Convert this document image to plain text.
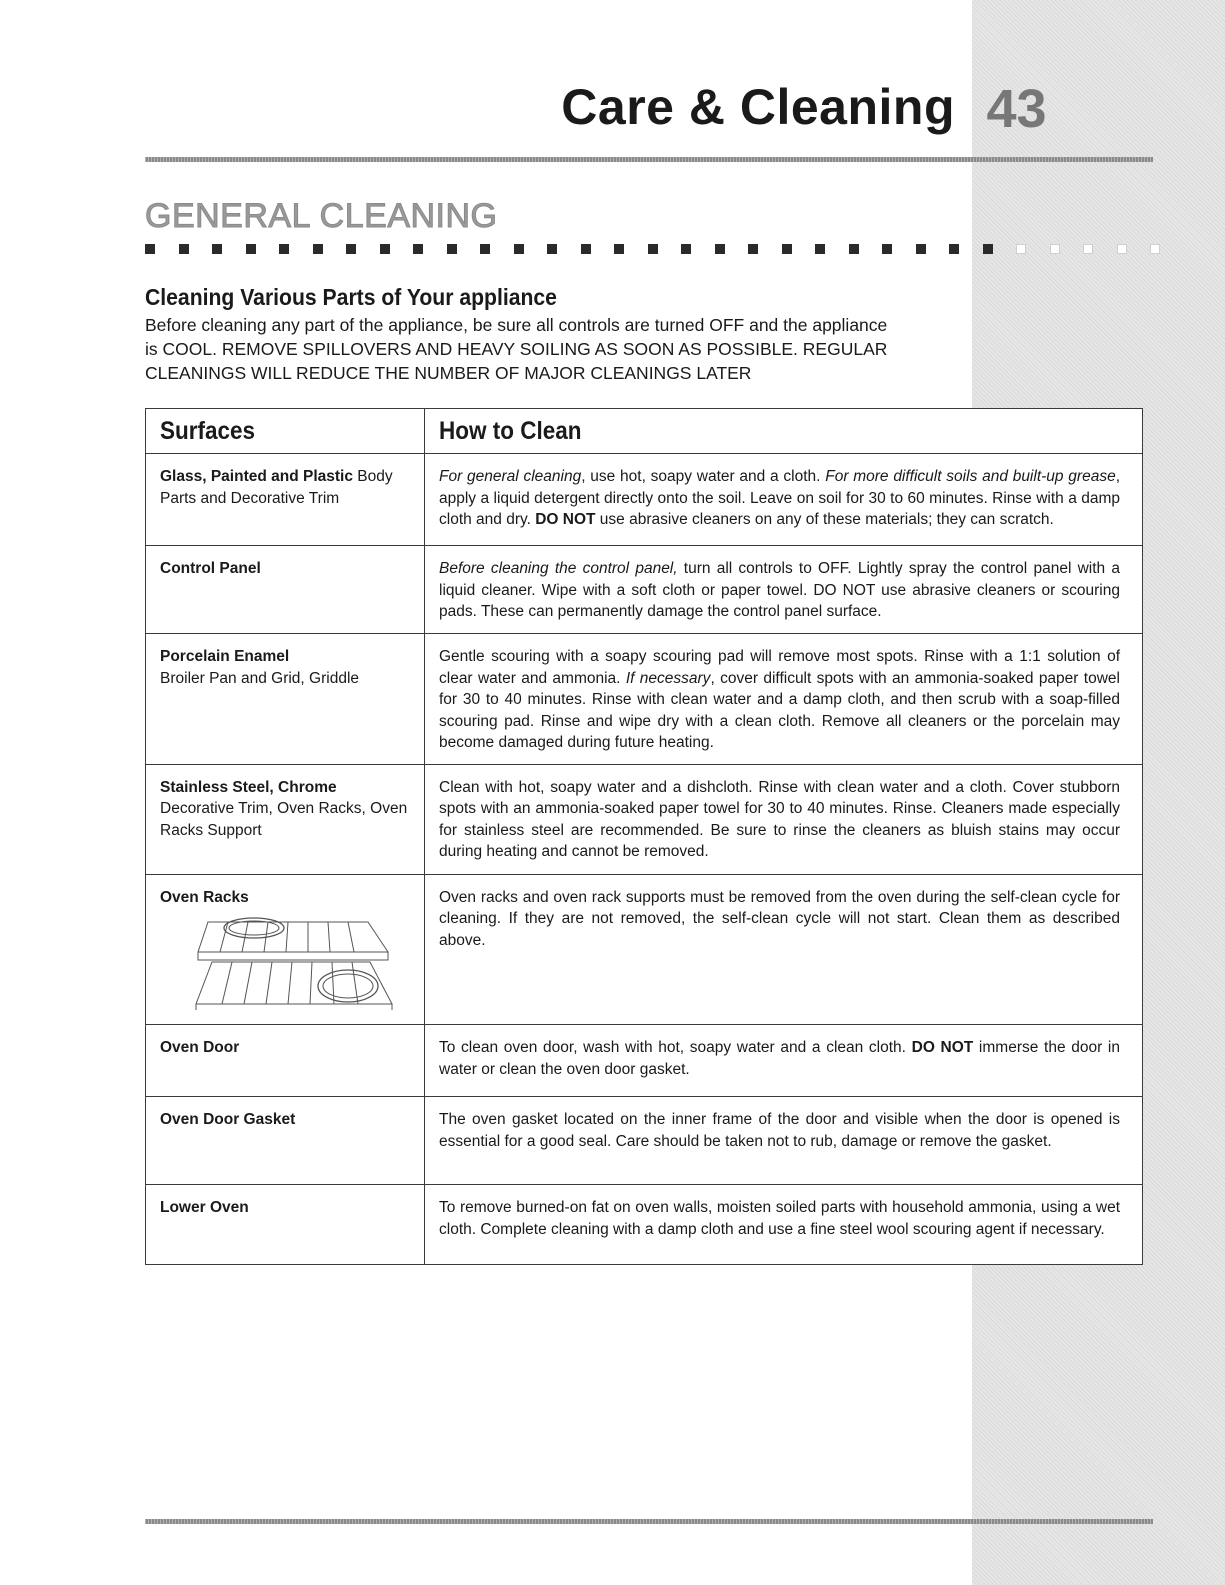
Care & Cleaning 43
GENERAL CLEANING
Cleaning Various Parts of Your appliance

Before cleaning any part of the appliance, be sure all controls are turned OFF and the appliance

is COOL. REMOVE SPILLOVERS AND HEAVY SOILING AS SOON AS POSSIBLE. REGULAR

CLEANINGS WILL REDUCE THE NUMBER OF MAJOR CLEANINGS LATER

Surfaces	How to Clean
Glass, Painted and Plastic Body Parts and Decorative Trim	For general cleaning, use hot, soapy water and a cloth. For more difficult soils and built-up grease, apply a liquid detergent directly onto the soil. Leave on soil for 30 to 60 minutes. Rinse with a damp cloth and dry. DO NOT use abrasive cleaners on any of these materials; they can scratch.

Control Panel	Before cleaning the control panel, turn all controls to OFF. Lightly spray the control panel with a liquid cleaner. Wipe with a soft cloth or paper towel. DO NOT use abrasive cleaners or scouring pads. These can permanently damage the control panel surface.

Porcelain Enamel
Broiler Pan and Grid, Griddle	Gentle scouring with a soapy scouring pad will remove most spots. Rinse with a 1:1 solution of clear water and ammonia. If necessary, cover difficult spots with an ammonia-soaked paper towel for 30 to 40 minutes. Rinse with clean water and a damp cloth, and then scrub with a soap-filled scouring pad. Rinse and wipe dry with a clean cloth. Remove all cleaners or the porcelain may become damaged during future heating.

Stainless Steel, Chrome
Decorative Trim, Oven Racks, Oven Racks Support	Clean with hot, soapy water and a dishcloth. Rinse with clean water and a cloth. Cover stubborn spots with an ammonia-soaked paper towel for 30 to 40 minutes. Rinse. Cleaners made especially for stainless steel are recommended. Be sure to rinse the cleaners as bluish stains may occur during heating and cannot be removed.

Oven Racks	Oven racks and oven rack supports must be removed from the oven during the self-clean cycle for cleaning. If they are not removed, the self-clean cycle will not start. Clean them as described above.

Oven Door	To clean oven door, wash with hot, soapy water and a clean cloth. DO NOT immerse the door in water or clean the oven door gasket.

Oven Door Gasket	The oven gasket located on the inner frame of the door and visible when the door is opened is essential for a good seal. Care should be taken not to rub, damage or remove the gasket.

Lower Oven	To remove burned-on fat on oven walls, moisten soiled parts with household ammonia, using a wet cloth. Complete cleaning with a damp cloth and use a fine steel wool scouring agent if necessary.
